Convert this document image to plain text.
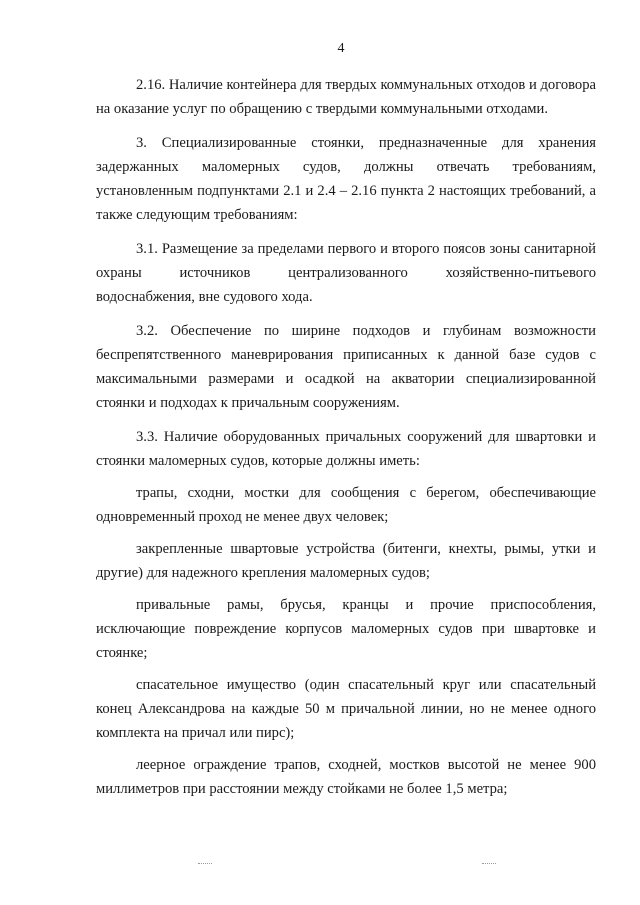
4

2.16. Наличие контейнера для твердых коммунальных отходов и договора на оказание услуг по обращению с твердыми коммунальными отходами.

3. Специализированные стоянки, предназначенные для хранения задержанных маломерных судов, должны отвечать требованиям, установленным подпунктами 2.1 и 2.4 – 2.16 пункта 2 настоящих требований, а также следующим требованиям:

3.1. Размещение за пределами первого и второго поясов зоны санитарной охраны источников централизованного хозяйственно-питьевого водоснабжения, вне судового хода.

3.2. Обеспечение по ширине подходов и глубинам возможности беспрепятственного маневрирования приписанных к данной базе судов с максимальными размерами и осадкой на акватории специализированной стоянки и подходах к причальным сооружениям.

3.3. Наличие оборудованных причальных сооружений для швартовки и стоянки маломерных судов, которые должны иметь:

трапы, сходни, мостки для сообщения с берегом, обеспечивающие одновременный проход не менее двух человек;

закрепленные швартовые устройства (битенги, кнехты, рымы, утки и другие) для надежного крепления маломерных судов;

привальные рамы, брусья, кранцы и прочие приспособления, исключающие повреждение корпусов маломерных судов при швартовке и стоянке;

спасательное имущество (один спасательный круг или спасательный конец Александрова на каждые 50 м причальной линии, но не менее одного комплекта на причал или пирс);

леерное ограждение трапов, сходней, мостков высотой не менее 900 миллиметров при расстоянии между стойками не более 1,5 метра;
